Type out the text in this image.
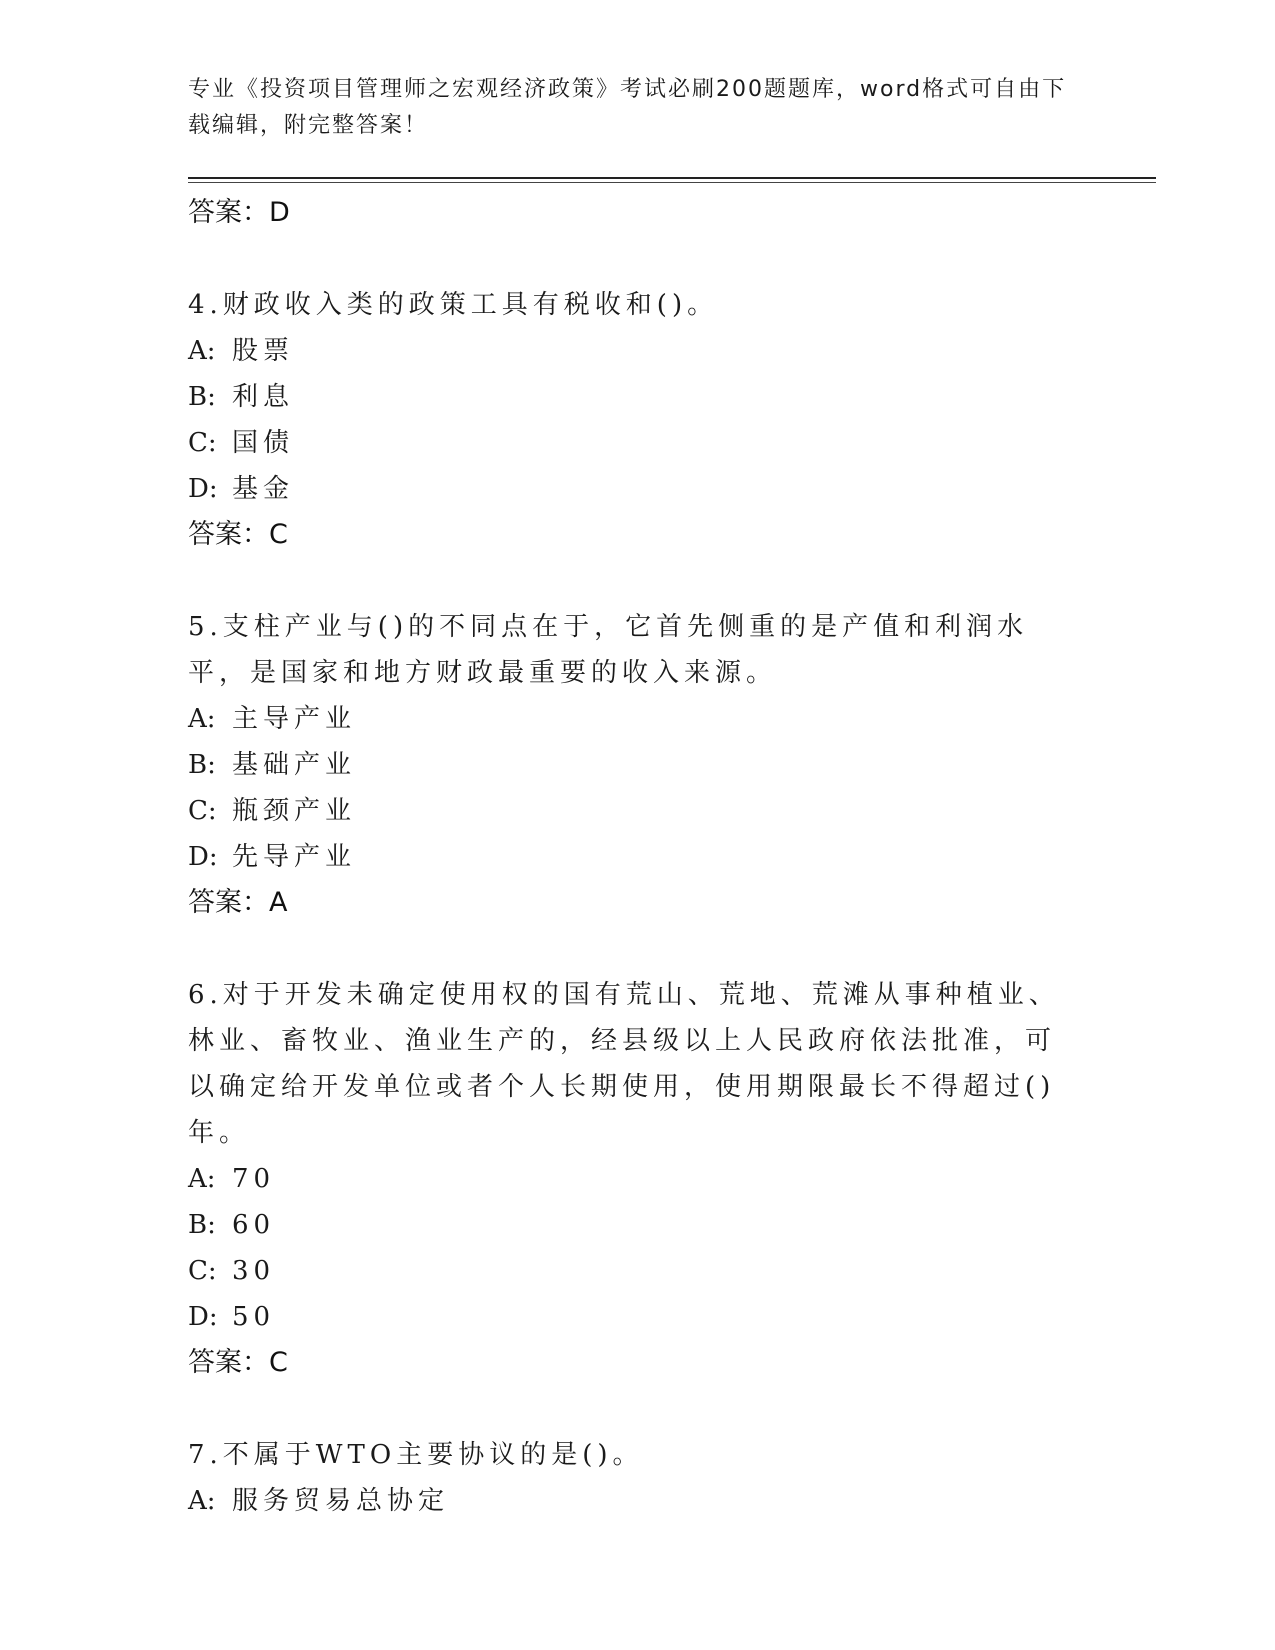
专业《投资项目管理师之宏观经济政策》考试必刷200题题库，word格式可自由下载编辑，附完整答案！
答案：D
4.财政收入类的政策工具有税收和()。
A: 股票
B: 利息
C: 国债
D: 基金
答案：C
5.支柱产业与()的不同点在于，它首先侧重的是产值和利润水平，是国家和地方财政最重要的收入来源。
A: 主导产业
B: 基础产业
C: 瓶颈产业
D: 先导产业
答案：A
6.对于开发未确定使用权的国有荒山、荒地、荒滩从事种植业、林业、畜牧业、渔业生产的，经县级以上人民政府依法批准，可以确定给开发单位或者个人长期使用，使用期限最长不得超过()年。
A: 70
B: 60
C: 30
D: 50
答案：C
7.不属于WTO主要协议的是()。
A: 服务贸易总协定
